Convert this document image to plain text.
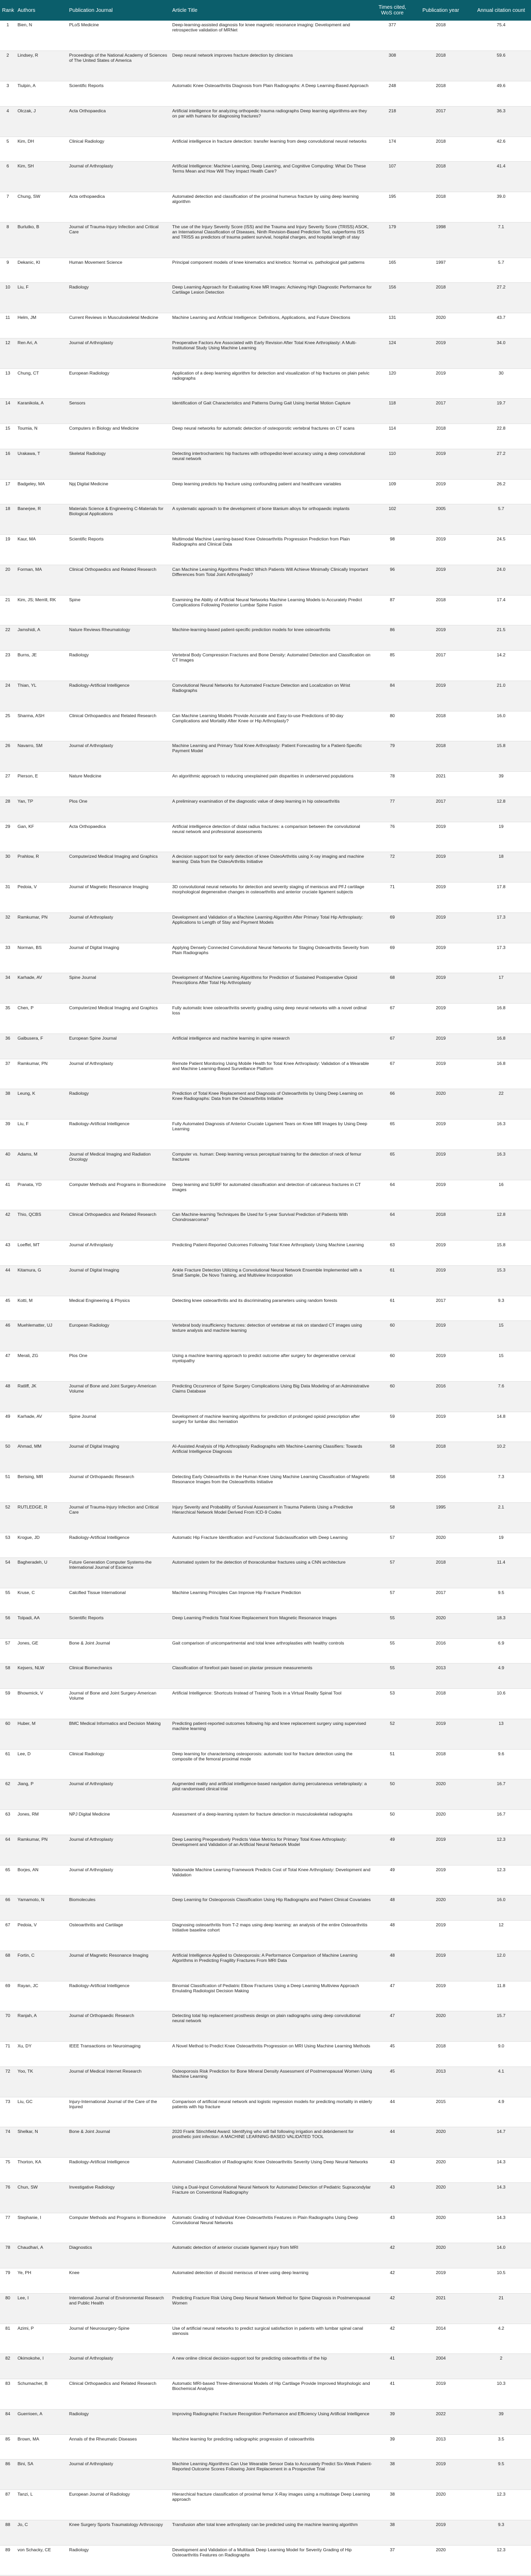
Rank	Authors	Publication Journal	Article Title	Times cited, WoS core	Publication year	Annual citation count
1	Bien, N	PLoS Medicine	Deep-learning-assisted diagnosis for knee magnetic resonance imaging: Development and retrospective validation of MRNet	377	2018	75.4
2	Lindsey, R	Proceedings of the National Academy of Sciences of The United States of America	Deep neural network improves fracture detection by clinicians	308	2018	59.6
3	Tiulpin, A	Scientific Reports	Automatic Knee Osteoarthritis Diagnosis from Plain Radiographs: A Deep Learning-Based Approach	248	2018	49.6
4	Olczak, J	Acta Orthopaedica	Artificial intelligence for analyzing orthopedic trauma radiographs Deep learning algorithms-are they on par with humans for diagnosing fractures?	218	2017	36.3
5	Kim, DH	Clinical Radiology	Artificial intelligence in fracture detection: transfer learning from deep convolutional neural networks	174	2018	42.6
6	Kim, SH	Journal of Arthroplasty	Artificial Intelligence: Machine Learning, Deep Learning, and Cognitive Computing: What Do These Terms Mean and How Will They Impact Health Care?	107	2018	41.4
7	Chung, SW	Acta orthopaedica	Automated detection and classification of the proximal humerus fracture by using deep learning algorithm	195	2018	39.0
8	Burlutko, B	Journal of Trauma-Injury Infection and Critical Care	The use of the Injury Severity Score (ISS) and the Trauma and Injury Severity Score (TRISS) ASOK, an International Classification of Diseases, Ninth Revision-Based Prediction Tool, outperforms ISS and TRISS as predictors of trauma patient survival, hospital charges, and hospital length of stay	179	1998	7.1
9	Dekanic, KI	Human Movement Science	Principal component models of knee kinematics and kinetics: Normal vs. pathological gait patterns	165	1997	5.7
10	Liu, F	Radiology	Deep Learning Approach for Evaluating Knee MR Images: Achieving High Diagnostic Performance for Cartilage Lesion Detection	156	2018	27.2
11	Helm, JM	Current Reviews in Musculoskeletal Medicine	Machine Learning and Artificial Intelligence: Definitions, Applications, and Future Directions	131	2020	43.7
12	Ren Ari, A	Journal of Arthroplasty	Preoperative Factors Are Associated with Early Revision After Total Knee Arthroplasty: A Multi-Institutional Study Using Machine Learning	124	2019	34.0
13	Chung, CT	European Radiology	Application of a deep learning algorithm for detection and visualization of hip fractures on plain pelvic radiographs	120	2019	30
14	Karanikola, A	Sensors	Identification of Gait Characteristics and Patterns During Gait Using Inertial Motion Capture	118	2017	19.7
15	Toumia, N	Computers in Biology and Medicine	Deep neural networks for automatic detection of osteoporotic vertebral fractures on CT scans	114	2018	22.8
16	Urakawa, T	Skeletal Radiology	Detecting intertrochanteric hip fractures with orthopedist-level accuracy using a deep convolutional neural network	110	2019	27.2
17	Badgeley, MA	Npj Digital Medicine	Deep learning predicts hip fracture using confounding patient and healthcare variables	109	2019	26.2
18	Banerjee, R	Materials Science & Engineering C-Materials for Biological Applications	A systematic approach to the development of bone titanium alloys for orthopaedic implants	102	2005	5.7
19	Kaur, MA	Scientific Reports	Multimodal Machine Learning-based Knee Osteoarthritis Progression Prediction from Plain Radiographs and Clinical Data	98	2019	24.5
20	Forman, MA	Clinical Orthopaedics and Related Research	Can Machine Learning Algorithms Predict Which Patients Will Achieve Minimally Clinically Important Differences from Total Joint Arthroplasty?	96	2019	24.0
21	Kim, JS; Merrill, RK	Spine	Examining the Ability of Artificial Neural Networks Machine Learning Models to Accurately Predict Complications Following Posterior Lumbar Spine Fusion	87	2018	17.4
22	Jamshidi, A	Nature Reviews Rheumatology	Machine-learning-based patient-specific prediction models for knee osteoarthritis	86	2019	21.5
23	Burns, JE	Radiology	Vertebral Body Compression Fractures and Bone Density: Automated Detection and Classification on CT Images	85	2017	14.2
24	Thian, YL	Radiology-Artificial Intelligence	Convolutional Neural Networks for Automated Fracture Detection and Localization on Wrist Radiographs	84	2019	21.0
25	Sharma, ASH	Clinical Orthopaedics and Related Research	Can Machine Learning Models Provide Accurate and Easy-to-use Predictions of 90-day Complications and Mortality After Knee or Hip Arthroplasty?	80	2018	16.0
26	Navarro, SM	Journal of Arthroplasty	Machine Learning and Primary Total Knee Arthroplasty: Patient Forecasting for a Patient-Specific Payment Model	79	2018	15.8
27	Pierson, E	Nature Medicine	An algorithmic approach to reducing unexplained pain disparities in underserved populations	78	2021	39
28	Yan, TP	Plos One	A preliminary examination of the diagnostic value of deep learning in hip osteoarthritis	77	2017	12.8
29	Gan, KF	Acta Orthopaedica	Artificial intelligence detection of distal radius fractures: a comparison between the convolutional neural network and professional assessments	76	2019	19
30	Prahlow, R	Computerized Medical Imaging and Graphics	A decision support tool for early detection of knee OsteoArthritis using X-ray imaging and machine learning: Data from the OsteoArthritis Initiative	72	2019	18
31	Pedoia, V	Journal of Magnetic Resonance Imaging	3D convolutional neural networks for detection and severity staging of meniscus and PFJ cartilage morphological degenerative changes in osteoarthritis and anterior cruciate ligament subjects	71	2019	17.8
32	Ramkumar, PN	Journal of Arthroplasty	Development and Validation of a Machine Learning Algorithm After Primary Total Hip Arthroplasty: Applications to Length of Stay and Payment Models	69	2019	17.3
33	Norman, BS	Journal of Digital Imaging	Applying Densely Connected Convolutional Neural Networks for Staging Osteoarthritis Severity from Plain Radiographs	69	2019	17.3
34	Karhade, AV	Spine Journal	Development of Machine Learning Algorithms for Prediction of Sustained Postoperative Opioid Prescriptions After Total Hip Arthroplasty	68	2019	17
35	Chen, P	Computerized Medical Imaging and Graphics	Fully automatic knee osteoarthritis severity grading using deep neural networks with a novel ordinal loss	67	2019	16.8
36	Galbusera, F	European Spine Journal	Artificial intelligence and machine learning in spine research	67	2019	16.8
37	Ramkumar, PN	Journal of Arthroplasty	Remote Patient Monitoring Using Mobile Health for Total Knee Arthroplasty: Validation of a Wearable and Machine Learning-Based Surveillance Platform	67	2019	16.8
38	Leung, K	Radiology	Prediction of Total Knee Replacement and Diagnosis of Osteoarthritis by Using Deep Learning on Knee Radiographs: Data from the Osteoarthritis Initiative	66	2020	22
39	Liu, F	Radiology-Artificial Intelligence	Fully Automated Diagnosis of Anterior Cruciate Ligament Tears on Knee MR Images by Using Deep Learning	65	2019	16.3
40	Adams, M	Journal of Medical Imaging and Radiation Oncology	Computer vs. human: Deep learning versus perceptual training for the detection of neck of femur fractures	65	2019	16.3
41	Pranata, YD	Computer Methods and Programs in Biomedicine	Deep learning and SURF for automated classification and detection of calcaneus fractures in CT images	64	2019	16
42	Thio, QCBS	Clinical Orthopaedics and Related Research	Can Machine-learning Techniques Be Used for 5-year Survival Prediction of Patients With Chondrosarcoma?	64	2018	12.8
43	Loeffel, MT	Journal of Arthroplasty	Predicting Patient-Reported Outcomes Following Total Knee Arthroplasty Using Machine Learning	63	2019	15.8
44	Kitamura, G	Journal of Digital Imaging	Ankle Fracture Detection Utilizing a Convolutional Neural Network Ensemble Implemented with a Small Sample, De Novo Training, and Multiview Incorporation	61	2019	15.3
45	Kotti, M	Medical Engineering & Physics	Detecting knee osteoarthritis and its discriminating parameters using random forests	61	2017	9.3
46	Muehlematter, UJ	European Radiology	Vertebral body insufficiency fractures: detection of vertebrae at risk on standard CT images using texture analysis and machine learning	60	2019	15
47	Merali, ZG	Plos One	Using a machine learning approach to predict outcome after surgery for degenerative cervical myelopathy	60	2019	15
48	Ratliff, JK	Journal of Bone and Joint Surgery-American Volume	Predicting Occurrence of Spine Surgery Complications Using Big Data Modeling of an Administrative Claims Database	60	2016	7.6
49	Karhade, AV	Spine Journal	Development of machine learning algorithms for prediction of prolonged opioid prescription after surgery for lumbar disc herniation	59	2019	14.8
50	Ahmad, MM	Journal of Digital Imaging	AI-Assisted Analysis of Hip Arthroplasty Radiographs with Machine-Learning Classifiers: Towards Artificial Intelligence Diagnosis	58	2018	10.2
51	Bertsing, MR	Journal of Orthopaedic Research	Detecting Early Osteoarthritis in the Human Knee Using Machine Learning Classification of Magnetic Resonance Images from the Osteoarthritis Initiative	58	2016	7.3
52	RUTLEDGE, R	Journal of Trauma-Injury Infection and Critical Care	Injury Severity and Probability of Survival Assessment in Trauma Patients Using a Predictive Hierarchical Network Model Derived From ICD-9 Codes	58	1995	2.1
53	Krogue, JD	Radiology-Artificial Intelligence	Automatic Hip Fracture Identification and Functional Subclassification with Deep Learning	57	2020	19
54	Bagheradeh, U	Future Generation Computer Systems-the International Journal of Escience	Automated system for the detection of thoracolumbar fractures using a CNN architecture	57	2018	11.4
55	Kruse, C	Calcified Tissue International	Machine Learning Principles Can Improve Hip Fracture Prediction	57	2017	9.5
56	Tolpadi, AA	Scientific Reports	Deep Learning Predicts Total Knee Replacement from Magnetic Resonance Images	55	2020	18.3
57	Jones, GE	Bone & Joint Journal	Gait comparison of unicompartmental and total knee arthroplasties with healthy controls	55	2016	6.9
58	Kejsers, NLW	Clinical Biomechanics	Classification of forefoot pain based on plantar pressure measurements	55	2013	4.9
59	Bhowmick, V	Journal of Bone and Joint Surgery-American Volume	Artificial Intelligence: Shortcuts Instead of Training Tools in a Virtual Reality Spinal Tool	53	2018	10.6
60	Huber, M	BMC Medical Informatics and Decision Making	Predicting patient-reported outcomes following hip and knee replacement surgery using supervised machine learning	52	2019	13
61	Lee, D	Clinical Radiology	Deep learning for characterising osteoporosis: automatic tool for fracture detection using the composite of the femoral proximal mode	51	2018	9.6
62	Jiang, P	Journal of Arthroplasty	Augmented reality and artificial intelligence-based navigation during percutaneous vertebroplasty: a pilot randomised clinical trial	50	2020	16.7
63	Jones, RM	NPJ Digital Medicine	Assessment of a deep-learning system for fracture detection in musculoskeletal radiographs	50	2020	16.7
64	Ramkumar, PN	Journal of Arthroplasty	Deep Learning Preoperatively Predicts Value Metrics for Primary Total Knee Arthroplasty: Development and Validation of an Artificial Neural Network Model	49	2019	12.3
65	Borjes, AN	Journal of Arthroplasty	Nationwide Machine Learning Framework Predicts Cost of Total Knee Arthroplasty: Development and Validation	49	2019	12.3
66	Yamamoto, N	Biomolecules	Deep Learning for Osteoporosis Classification Using Hip Radiographs and Patient Clinical Covariates	48	2020	16.0
67	Pedoia, V	Osteoarthritis and Cartilage	Diagnosing osteoarthritis from T-2 maps using deep learning: an analysis of the entire Osteoarthritis Initiative baseline cohort	48	2019	12
68	Fortin, C	Journal of Magnetic Resonance Imaging	Artificial Intelligence Applied to Osteoporosis: A Performance Comparison of Machine Learning Algorithms in Predicting Fragility Fractures From MRI Data	48	2019	12.0
69	Rayan, JC	Radiology-Artificial Intelligence	Binomial Classification of Pediatric Elbow Fractures Using a Deep Learning Multiview Approach Emulating Radiologist Decision Making	47	2019	11.8
70	Ranjah, A	Journal of Orthopaedic Research	Detecting total hip replacement prosthesis design on plain radiographs using deep convolutional neural network	47	2020	15.7
71	Xu, DY	IEEE Transactions on Neuroimaging	A Novel Method to Predict Knee Osteoarthritis Progression on MRI Using Machine Learning Methods	45	2018	9.0
72	Yoo, TK	Journal of Medical Internet Research	Osteoporosis Risk Prediction for Bone Mineral Density Assessment of Postmenopausal Women Using Machine Learning	45	2013	4.1
73	Liu, GC	Injury-International Journal of the Care of the Injured	Comparison of artificial neural network and logistic regression models for predicting mortality in elderly patients with hip fracture	44	2015	4.9
74	Shelkar, N	Bone & Joint Journal	2020 Frank Stinchfield Award: Identifying who will fail following irrigation and debridement for prosthetic joint infection: A MACHINE LEARNING-BASED VALIDATED TOOL	44	2020	14.7
75	Thorton, KA	Radiology-Artificial Intelligence	Automated Classification of Radiographic Knee Osteoarthritis Severity Using Deep Neural Networks	43	2020	14.3
76	Chun, SW	Investigative Radiology	Using a Dual-Input Convolutional Neural Network for Automated Detection of Pediatric Supracondylar Fracture on Conventional Radiography	43	2020	14.3
77	Stephanie, I	Computer Methods and Programs in Biomedicine	Automatic Grading of Individual Knee Osteoarthritis Features in Plain Radiographs Using Deep Convolutional Neural Networks	43	2020	14.3
78	Chaudhari, A	Diagnostics	Automatic detection of anterior cruciate ligament injury from MRI	42	2020	14.0
79	Ye, PH	Knee	Automated detection of discoid meniscus of knee using deep learning	42	2019	10.5
80	Lee, I	International Journal of Environmental Research and Public Health	Predicting Fracture Risk Using Deep Neural Network Method for Spine Diagnosis in Postmenopausal Women	42	2021	21
81	Azimi, P	Journal of Neurosurgery-Spine	Use of artificial neural networks to predict surgical satisfaction in patients with lumbar spinal canal stenosis	42	2014	4.2
82	Okimokohe, I	Journal of Arthroplasty	A new online clinical decision-support tool for predicting osteoarthritis of the hip	41	2004	2
83	Schumacher, B	Clinical Orthopaedics and Related Research	Automatic MRI-based Three-dimensional Models of Hip Cartilage Provide Improved Morphologic and Biochemical Analysis	41	2019	10.3
84	Guerrioen, A	Radiology	Improving Radiographic Fracture Recognition Performance and Efficiency Using Artificial Intelligence	39	2022	39
85	Brown, MA	Annals of the Rheumatic Diseases	Machine learning for predicting radiographic progression of osteoarthritis	39	2013	3.5
86	Bini, SA	Journal of Arthroplasty	Machine Learning Algorithms Can Use Wearable Sensor Data to Accurately Predict Six-Week Patient-Reported Outcome Scores Following Joint Replacement in a Prospective Trial	38	2019	9.5
87	Tanzi, L	European Journal of Radiology	Hierarchical fracture classification of proximal femur X-Ray images using a multistage Deep Learning approach	38	2020	12.3
88	Jo, C	Knee Surgery Sports Traumatology Arthroscopy	Transfusion after total knee arthroplasty can be predicted using the machine learning algorithm	38	2019	9.3
89	von Schacky, CE	Radiology	Development and Validation of a Multitask Deep Learning Model for Severity Grading of Hip Osteoarthritis Features on Radiographs	37	2020	12.3
